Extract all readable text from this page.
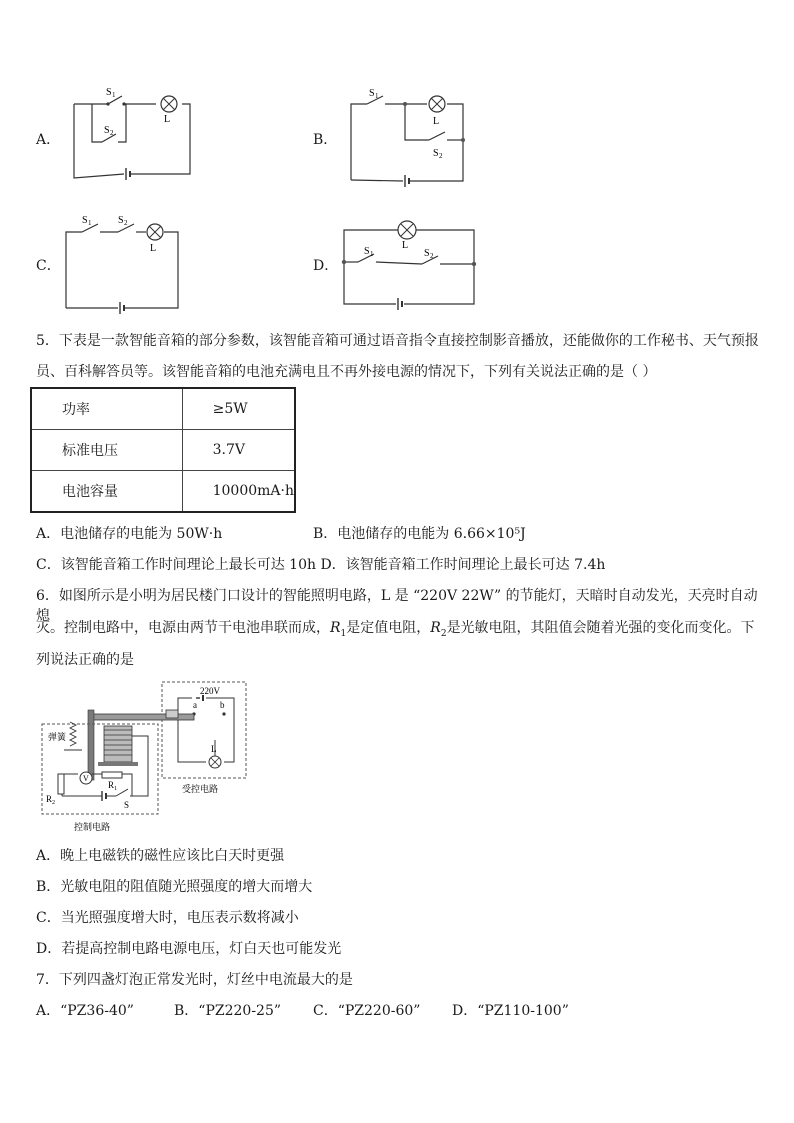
A．
S 1
S 2
L
B．
S 1
L
S 2
C．
S 1	S 2
L
D．
L
S 1	S 2
5．下表是一款智能音箱的部分参数，该智能音箱可通过语音指令直接控制影音播放，还能做你的工作秘书、天气预报
员、百科解答员等。该智能音箱的电池充满电且不再外接电源的情况下，下列有关说法正确的是（ ）
功率	≥5W
标准电压	3.7V
电池容量	10000mA·h
A．电池储存的电能为 50W·h	B．电池储存的电能为 6.66×10⁵J
C．该智能音箱工作时间理论上最长可达 10h D．该智能音箱工作时间理论上最长可达 7.4h
6．如图所示是小明为居民楼门口设计的智能照明电路，L 是 “220V 22W” 的节能灯，天暗时自动发光，天亮时自动熄
灭。控制电路中，电源由两节干电池串联而成，$R_1$是定值电阻，$R_2$是光敏电阻，其阻值会随着光强的变化而变化。下
列说法正确的是
220V
a	b
L
受控电路
弹簧
V
R 1
R 2	S
控制电路
A．晚上电磁铁的磁性应该比白天时更强
B．光敏电阻的阻值随光照强度的增大而增大
C．当光照强度增大时，电压表示数将减小
D．若提高控制电路电源电压，灯白天也可能发光
7．下列四盏灯泡正常发光时，灯丝中电流最大的是
A．“PZ36-40”	B．“PZ220-25” C．“PZ220-60” D．“PZ110-100”
